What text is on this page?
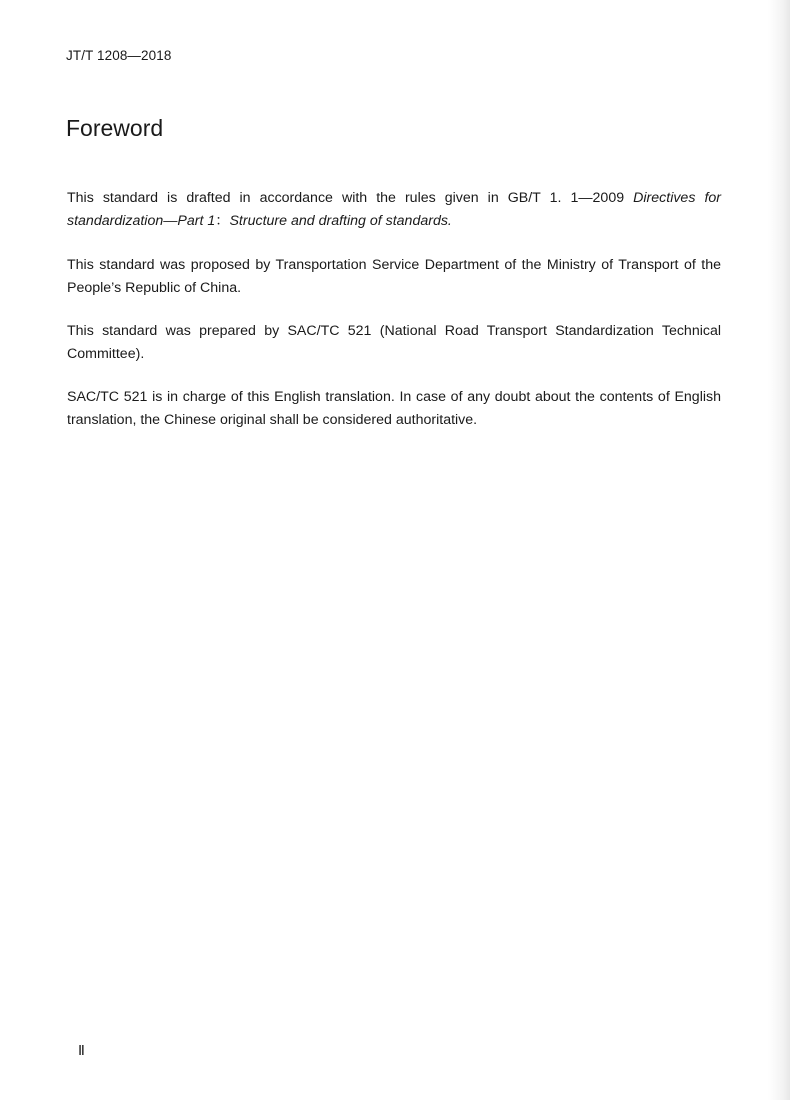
JT/T 1208—2018
Foreword

This standard is drafted in accordance with the rules given in GB/T 1. 1—2009 Directives for standardization—Part 1：Structure and drafting of standards.

This standard was proposed by Transportation Service Department of the Ministry of Transport of the People’s Republic of China.

This standard was prepared by SAC/TC 521 (National Road Transport Standardization Technical Committee).

SAC/TC 521 is in charge of this English translation. In case of any doubt about the contents of English translation, the Chinese original shall be considered authoritative.

Ⅱ
